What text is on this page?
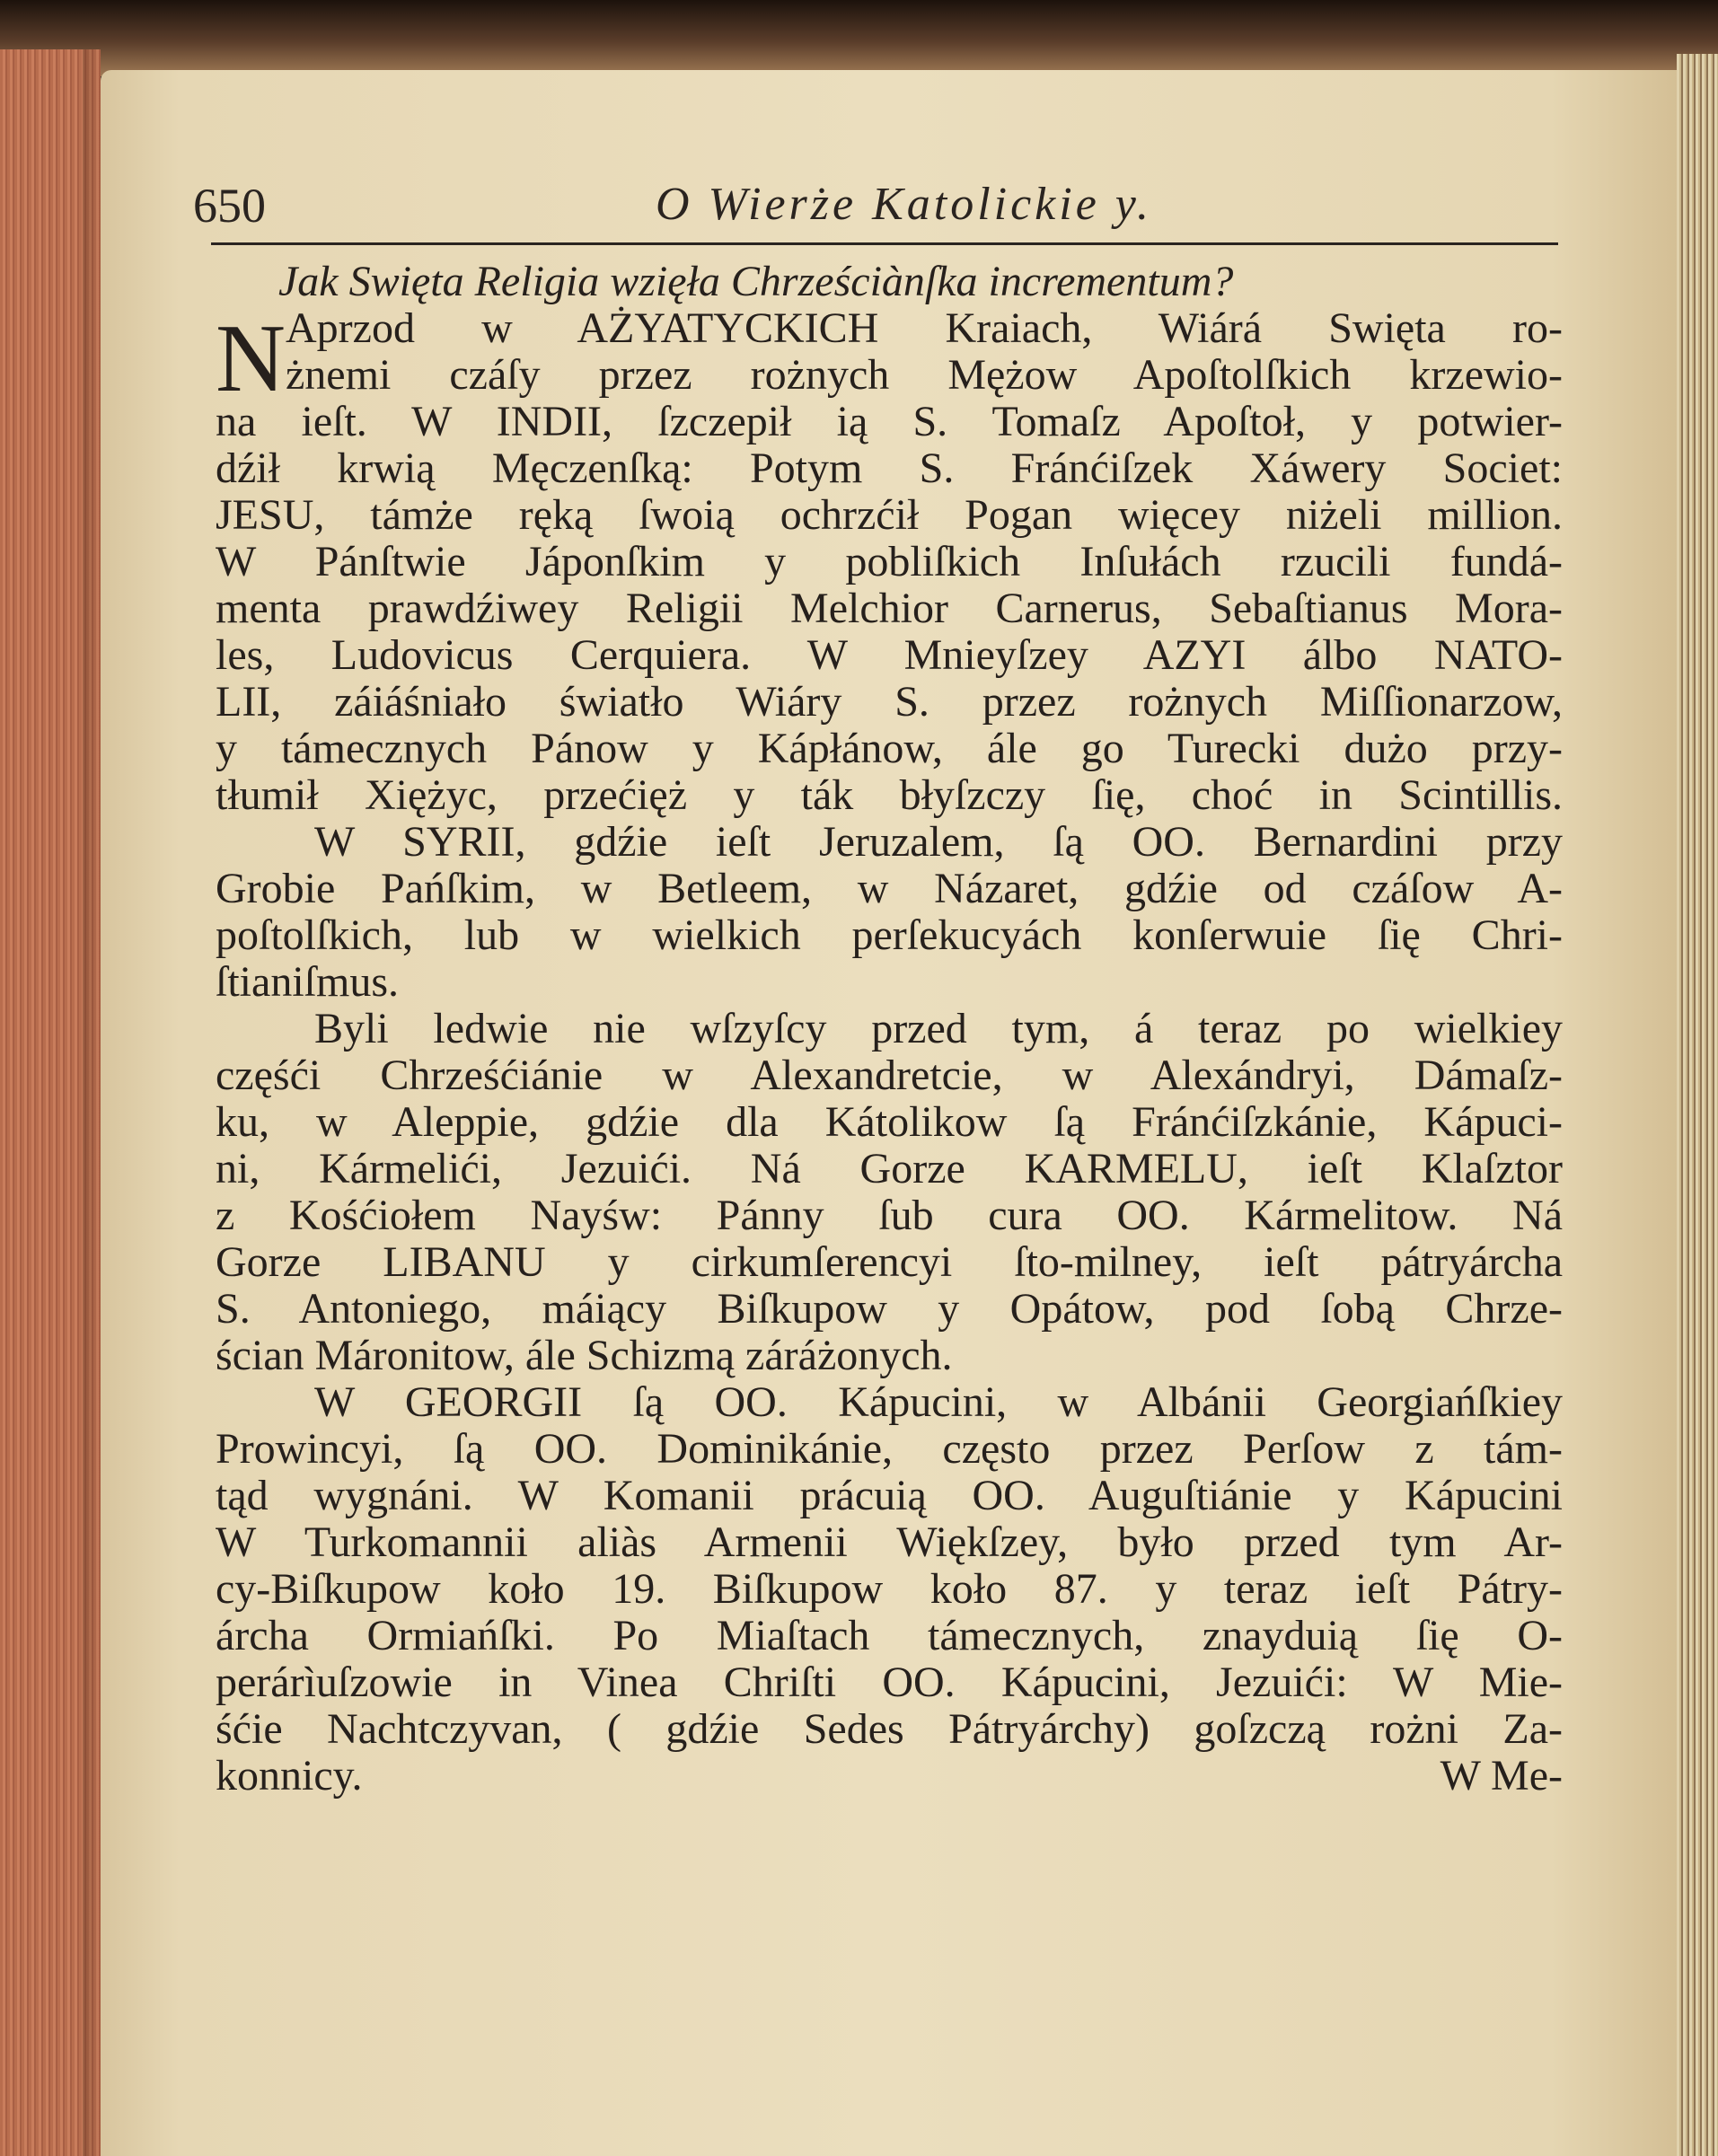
650	O Wierże Katolickie y.
Jak Swięta Religia wzięła Chrześciànſka incrementum?
N Aprzod w AŻYATYCKICH Kraiach, Wiárá Swięta ro-
żnemi czáſy przez rożnych Mężow Apoſtolſkich krzewio-
na ieſt. W INDII, ſzczepił ią S. Tomaſz Apoſtoł, y potwier-
dźił krwią Męczenſką: Potym S. Fránćiſzek Xáwery Societ:
JESU, támże ręką ſwoią ochrzćił Pogan więcey niżeli million.
W Pánſtwie Jáponſkim y pobliſkich Inſułách rzucili fundá-
menta prawdźiwey Religii Melchior Carnerus, Sebaſtianus Mora-
les, Ludovicus Cerquiera. W Mnieyſzey AZYI álbo NATO-
LII, záiáśniało światło Wiáry S. przez rożnych Miſſionarzow,
y támecznych Pánow y Kápłánow, ále go Turecki dużo przy-
tłumił Xiężyc, przećięż y ták błyſzczy ſię, choć in Scintillis.
W SYRII, gdźie ieſt Jeruzalem, ſą OO. Bernardini przy
Grobie Pańſkim, w Betleem, w Názaret, gdźie od czáſow A-
poſtolſkich, lub w wielkich perſekucyách konſerwuie ſię Chri-
ſtianiſmus.
Byli ledwie nie wſzyſcy przed tym, á teraz po wielkiey
częśći Chrześćiánie w Alexandretcie, w Alexándryi, Dámaſz-
ku, w Aleppie, gdźie dla Kátolikow ſą Fránćiſzkánie, Kápuci-
ni, Kármelići, Jezuići. Ná Gorze KARMELU, ieſt Klaſztor
z Kośćiołem Nayśw: Pánny ſub cura OO. Kármelitow. Ná
Gorze LIBANU y cirkumſerencyi ſto-milney, ieſt pátryárcha
S. Antoniego, máiący Biſkupow y Opátow, pod ſobą Chrze-
ścian Máronitow, ále Schizmą záráżonych.
W GEORGII ſą OO. Kápucini, w Albánii Georgiańſkiey
Prowincyi, ſą OO. Dominikánie, często przez Perſow z tám-
tąd wygnáni. W Komanii prácuią OO. Auguſtiánie y Kápucini
W Turkomannii aliàs Armenii Więkſzey, było przed tym Ar-
cy-Biſkupow koło 19. Biſkupow koło 87. y teraz ieſt Pátry-
árcha Ormiańſki. Po Miaſtach támecznych, znayduią ſię O-
perárìuſzowie in Vinea Chriſti OO. Kápucini, Jezuići: W Mie-
śćie Nachtczyvan, ( gdźie Sedes Pátryárchy) goſzczą rożni Za-
konnicy.	W Me-
